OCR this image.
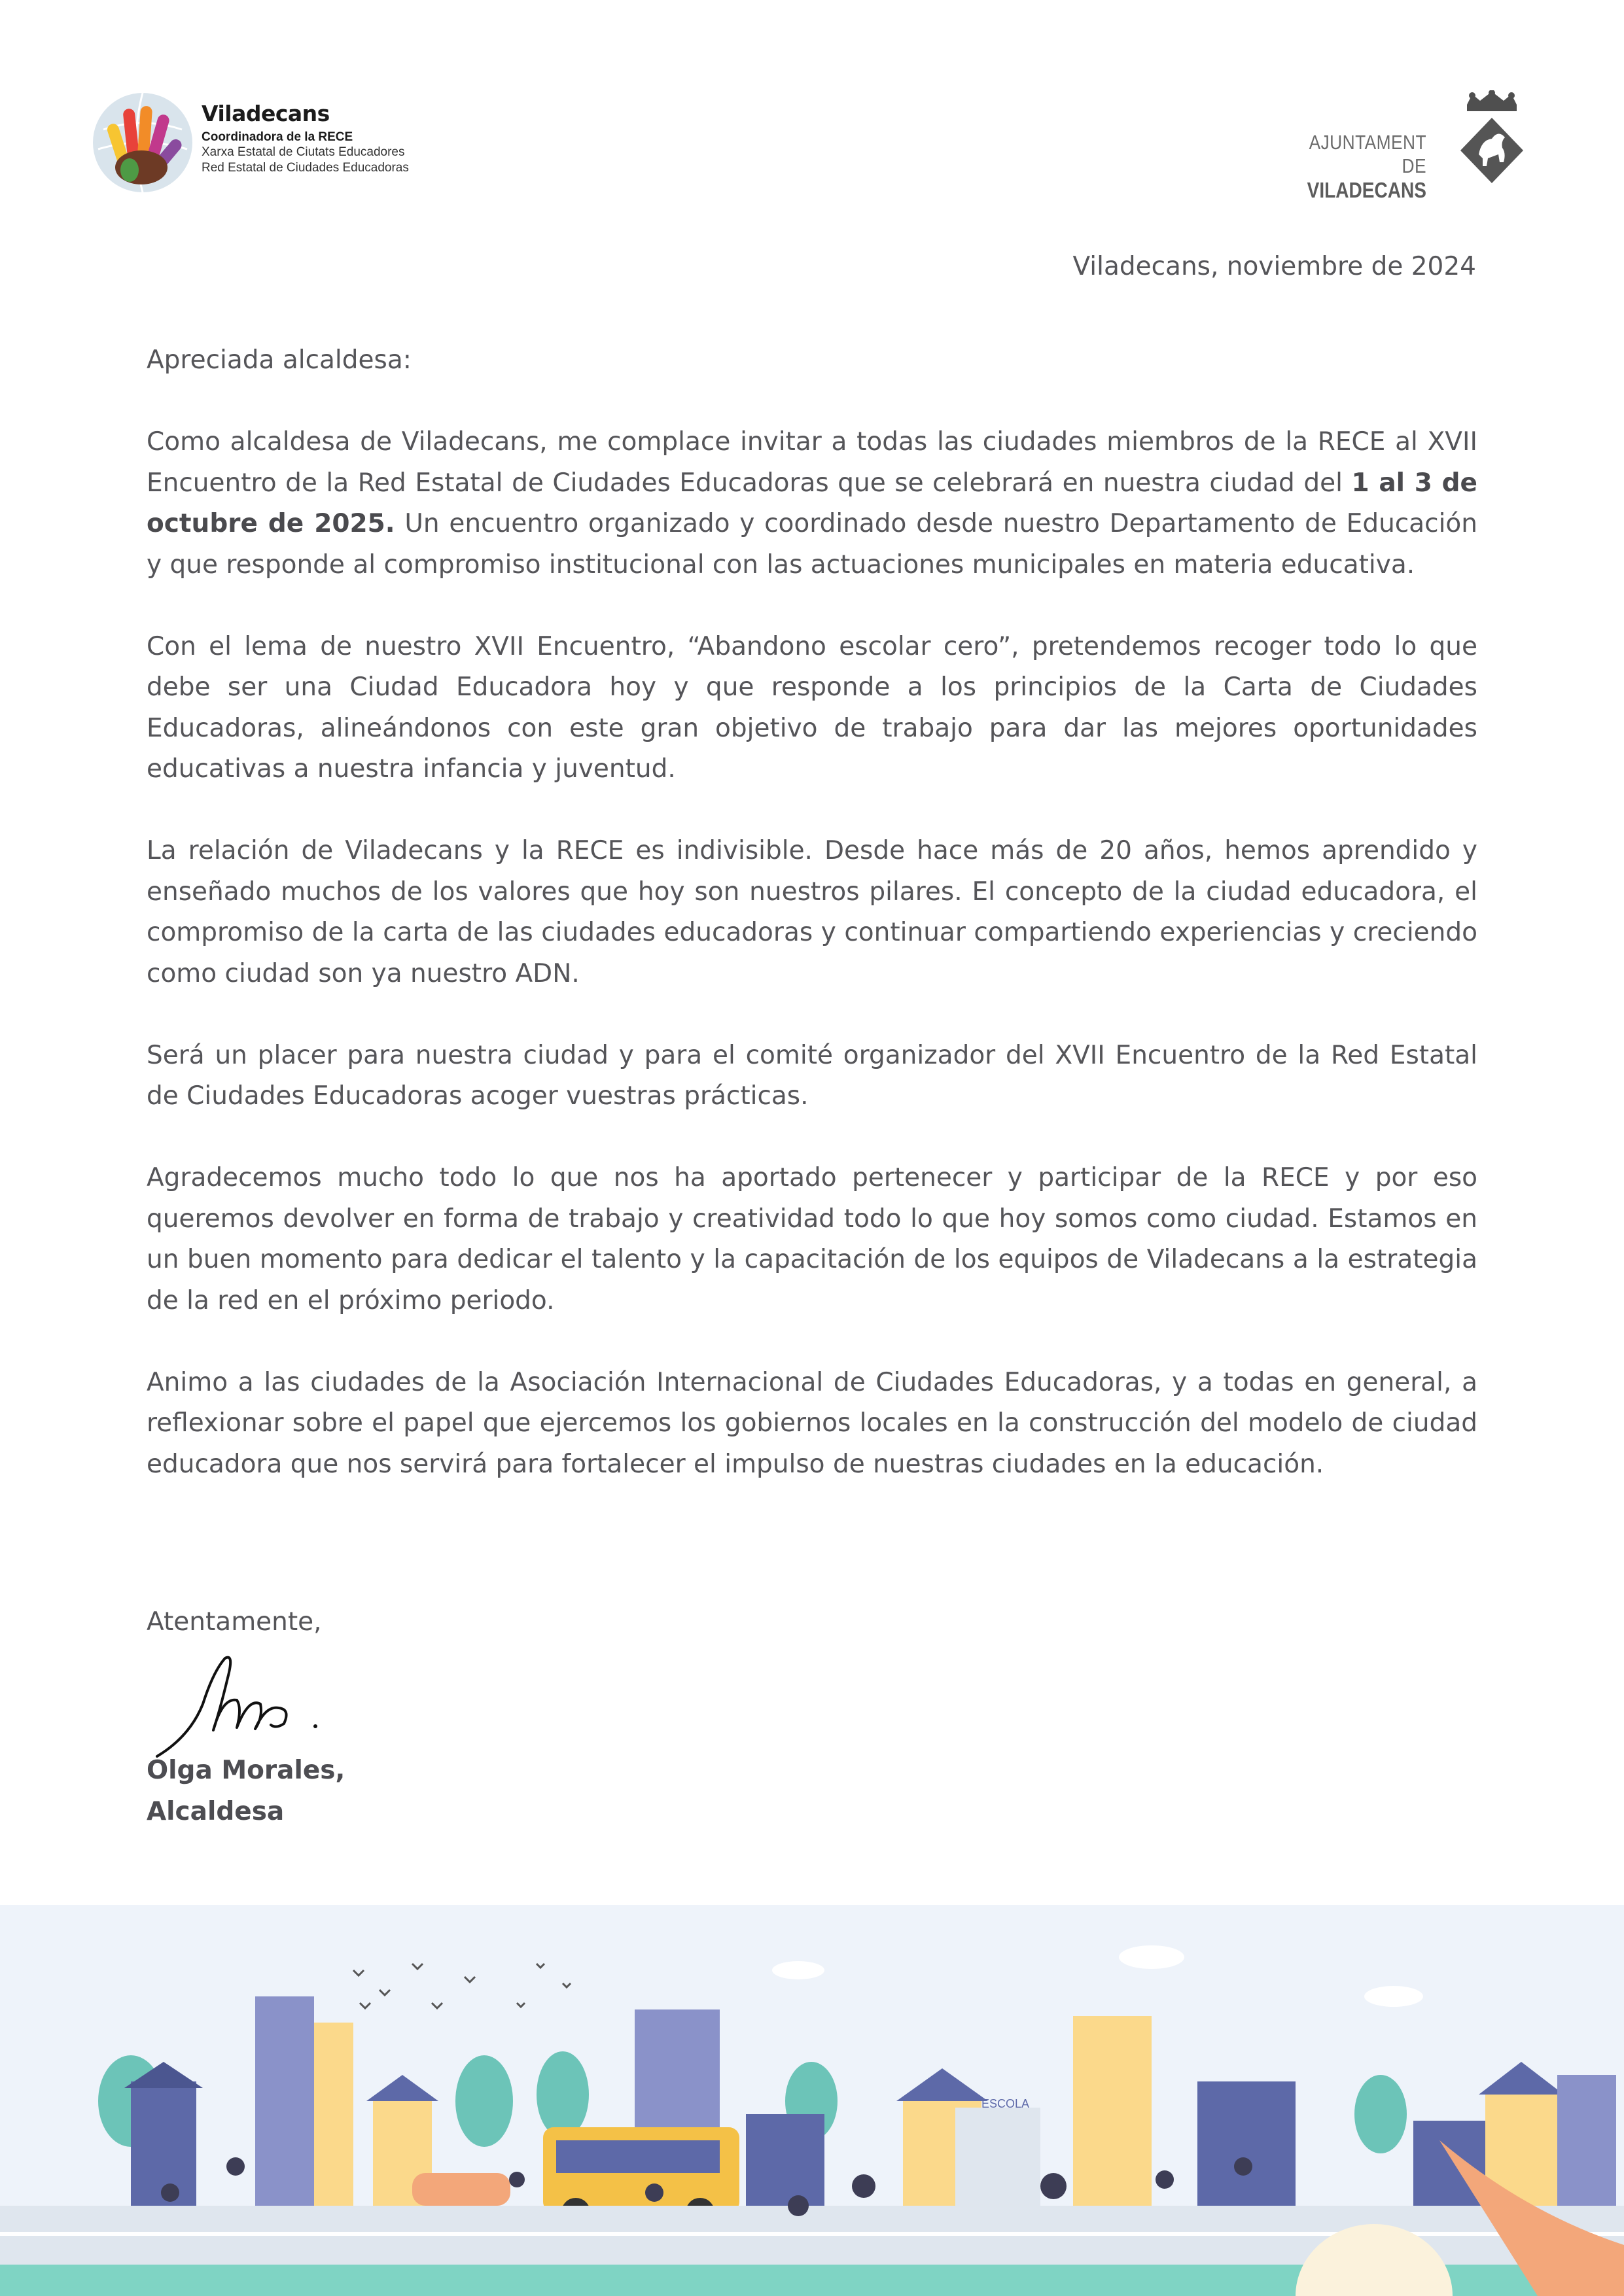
Viladecans
Coordinadora de la RECE
Xarxa Estatal de Ciutats Educadores
Red Estatal de Ciudades Educadoras
AJUNTAMENT DE
VILADECANS
Viladecans, noviembre de 2024

Apreciada alcaldesa:

Como alcaldesa de Viladecans, me complace invitar a todas las ciudades miembros de la RECE al XVII Encuentro de la Red Estatal de Ciudades Educadoras que se celebrará en nuestra ciudad del 1 al 3 de octubre de 2025. Un encuentro organizado y coordinado desde nuestro Departamento de Educación y que responde al compromiso institucional con las actuaciones municipales en materia educativa.

Con el lema de nuestro XVII Encuentro, “Abandono escolar cero”, pretendemos recoger todo lo que debe ser una Ciudad Educadora hoy y que responde a los principios de la Carta de Ciudades Educadoras, alineándonos con este gran objetivo de trabajo para dar las mejores oportunidades educativas a nuestra infancia y juventud.

La relación de Viladecans y la RECE es indivisible. Desde hace más de 20 años, hemos aprendido y enseñado muchos de los valores que hoy son nuestros pilares. El concepto de la ciudad educadora, el compromiso de la carta de las ciudades educadoras y continuar compartiendo experiencias y creciendo como ciudad son ya nuestro ADN.

Será un placer para nuestra ciudad y para el comité organizador del XVII Encuentro de la Red Estatal de Ciudades Educadoras acoger vuestras prácticas.

Agradecemos mucho todo lo que nos ha aportado pertenecer y participar de la RECE y por eso queremos devolver en forma de trabajo y creatividad todo lo que hoy somos como ciudad. Estamos en un buen momento para dedicar el talento y la capacitación de los equipos de Viladecans a la estrategia de la red en el próximo periodo.

Animo a las ciudades de la Asociación Internacional de Ciudades Educadoras, y a todas en general, a reflexionar sobre el papel que ejercemos los gobiernos locales en la construcción del modelo de ciudad educadora que nos servirá para fortalecer el impulso de nuestras ciudades en la educación.

Atentamente,
Olga Morales,
Alcaldesa
ESCOLA
